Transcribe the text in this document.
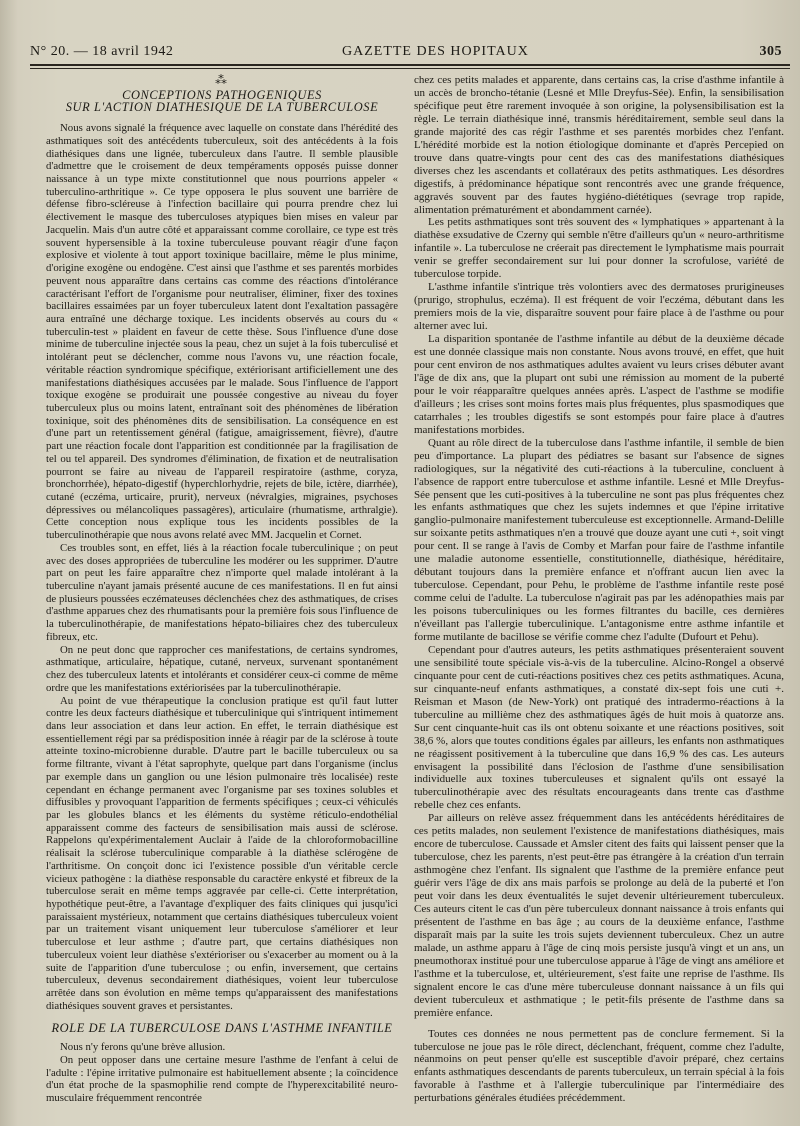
N° 20. — 18 avril 1942	GAZETTE DES HOPITAUX	305
⁂
CONCEPTIONS PATHOGENIQUES
SUR L'ACTION DIATHESIQUE DE LA TUBERCULOSE

Nous avons signalé la fréquence avec laquelle on constate dans l'hérédité des asthmatiques soit des antécédents tuberculeux, soit des antécédents à la fois diathésiques dans une lignée, tuberculeux dans l'autre. Il semble plausible d'admettre que le croisement de deux tempéraments opposés puisse donner naissance à un type mixte constitutionnel que nous pourrions appeler « tuberculino-arthritique ». Ce type opposera le plus souvent une barrière de défense fibro-scléreuse à l'infection bacillaire qui pourra prendre chez lui électivement le masque des tuberculoses atypiques bien mises en valeur par Jacquelin. Mais d'un autre côté et apparaissant comme corollaire, ce type est très souvent hypersensible à la toxine tuberculeuse pouvant réagir d'une façon explosive et violente à tout apport toxinique bacillaire, même le plus minime, d'origine exogène ou endogène. C'est ainsi que l'asthme et ses parentés morbides peuvent nous apparaître dans certains cas comme des réactions d'intolérance caractérisant l'effort de l'organisme pour neutraliser, éliminer, fixer des toxines bacillaires essaimées par un foyer tuberculeux latent dont l'exaltation passagère aura entraîné une décharge toxique. Les incidents observés au cours du « tuberculin-test » plaident en faveur de cette thèse. Sous l'influence d'une dose minime de tuberculine injectée sous la peau, chez un sujet à la fois tuberculisé et intolérant peut se déclencher, comme nous l'avons vu, une réaction focale, véritable réaction syndromique spécifique, extériorisant artificiellement une des manifestations diathésiques accusées par le malade. Sous l'influence de l'apport toxique exogène se produirait une poussée congestive au niveau du foyer tuberculeux plus ou moins latent, entraînant soit des phénomènes de libération toxinique, soit des phénomènes dits de sensibilisation. La conséquence en est d'une part un retentissement général (fatigue, amaigrissement, fièvre), d'autre part une réaction focale dont l'apparition est conditionnée par la fragilisation de tel ou tel appareil. Des syndromes d'élimination, de fixation et de neutralisation pourront se faire au niveau de l'appareil respiratoire (asthme, coryza, bronchorrhée), hépato-digestif (hyperchlorhydrie, rejets de bile, ictère, diarrhée), cutané (eczéma, urticaire, prurit), nerveux (névralgies, migraines, psychoses dépressives ou mélancoliques passagères), articulaire (rhumatisme, arthralgie). Cette conception nous explique tous les incidents possibles de la tuberculinothérapie que nous avons relaté avec MM. Jacquelin et Cornet.

Ces troubles sont, en effet, liés à la réaction focale tuberculinique ; on peut avec des doses appropriées de tuberculine les modérer ou les supprimer. D'autre part on peut les faire apparaître chez n'importe quel malade intolérant à la tuberculine n'ayant jamais présenté aucune de ces manifestations. Il en fut ainsi de plusieurs poussées eczémateuses déclenchées chez des asthmatiques, de crises d'asthme apparues chez des rhumatisants pour la première fois sous l'influence de la tuberculinothérapie, de manifestations hépato-biliaires chez des tuberculeux fibreux, etc.

On ne peut donc que rapprocher ces manifestations, de certains syndromes, asthmatique, articulaire, hépatique, cutané, nerveux, survenant spontanément chez des tuberculeux latents et intolérants et considérer ceux-ci comme de même ordre que les manifestations extériorisées par la tuberculinothérapie.

Au point de vue thérapeutique la conclusion pratique est qu'il faut lutter contre les deux facteurs diathésique et tuberculinique qui s'intriquent intimement dans leur association et dans leur action. En effet, le terrain diathésique est essentiellement régi par sa prédisposition innée à réagir par de la sclérose à toute atteinte toxino-microbienne durable. D'autre part le bacille tuberculeux ou sa forme filtrante, vivant à l'état saprophyte, quelque part dans l'organisme (inclus par exemple dans un ganglion ou une lésion pulmonaire très localisée) reste cependant en échange permanent avec l'organisme par ses toxines solubles et diffusibles y provoquant l'apparition de ferments spécifiques ; ceux-ci véhiculés par les globules blancs et les éléments du système réticulo-endothélial apparaissent comme des facteurs de sensibilisation mais aussi de sclérose. Rappelons qu'expérimentalement Auclair à l'aide de la chloroformobacilline réalisait la sclérose tuberculinique comparable à la diathèse sclérogène de l'arthritisme. On conçoit donc ici l'existence possible d'un véritable cercle vicieux pathogène : la diathèse responsable du caractère enkysté et fibreux de la tuberculose serait en même temps aggravée par celle-ci. Cette interprétation, hypothétique peut-être, a l'avantage d'expliquer des faits cliniques qui jusqu'ici paraissaient mystérieux, notamment que certains diathésiques tuberculeux voient par un traitement visant uniquement leur tuberculose s'améliorer et leur tuberculose et leur asthme ; d'autre part, que certains diathésiques non tuberculeux voient leur diathèse s'extérioriser ou s'exacerber au moment ou à la suite de l'apparition d'une tuberculose ; ou enfin, inversement, que certains tuberculeux, devenus secondairement diathésiques, voient leur tuberculose arrêtée dans son évolution en même temps qu'apparaissent des manifestations diathésiques souvent graves et persistantes.

ROLE DE LA TUBERCULOSE DANS L'ASTHME INFANTILE

Nous n'y ferons qu'une brève allusion.

On peut opposer dans une certaine mesure l'asthme de l'enfant à celui de l'adulte : l'épine irritative pulmonaire est habituellement absente ; la coïncidence d'un état proche de la spasmophilie rend compte de l'hyperexcitabilité neuro-musculaire fréquemment rencontrée

chez ces petits malades et apparente, dans certains cas, la crise d'asthme infantile à un accès de broncho-tétanie (Lesné et Mlle Dreyfus-Sée). Enfin, la sensibilisation spécifique peut être rarement invoquée à son origine, la polysensibilisation est la règle. Le terrain diathésique inné, transmis héréditairement, semble seul dans la grande majorité des cas régir l'asthme et ses parentés morbides chez l'enfant. L'hérédité morbide est la notion étiologique dominante et d'après Percepied on trouve dans quatre-vingts pour cent des cas des manifestations diathésiques diverses chez les ascendants et collatéraux des petits asthmatiques. Les désordres digestifs, à prédominance hépatique sont rencontrés avec une grande fréquence, aggravés souvent par des fautes hygiéno-diététiques (sevrage trop rapide, alimentation prématurément et abondamment carnée).

Les petits asthmatiques sont très souvent des « lymphatiques » appartenant à la diathèse exsudative de Czerny qui semble n'être d'ailleurs qu'un « neuro-arthritisme infantile ». La tuberculose ne créerait pas directement le lymphatisme mais pourrait venir se greffer secondairement sur lui pour donner la scrofulose, variété de tuberculose torpide.

L'asthme infantile s'intrique très volontiers avec des dermatoses prurigineuses (prurigo, strophulus, eczéma). Il est fréquent de voir l'eczéma, débutant dans les premiers mois de la vie, disparaître souvent pour faire place à de l'asthme ou pour alterner avec lui.

La disparition spontanée de l'asthme infantile au début de la deuxième décade est une donnée classique mais non constante. Nous avons trouvé, en effet, que huit pour cent environ de nos asthmatiques adultes avaient vu leurs crises débuter avant l'âge de dix ans, que la plupart ont subi une rémission au moment de la puberté pour le voir réapparaître quelques années après. L'aspect de l'asthme se modifie d'ailleurs ; les crises sont moins fortes mais plus fréquentes, plus spasmodiques que catarrhales ; les troubles digestifs se sont estompés pour faire place à d'autres manifestations morbides.

Quant au rôle direct de la tuberculose dans l'asthme infantile, il semble de bien peu d'importance. La plupart des pédiatres se basant sur l'absence de signes radiologiques, sur la négativité des cuti-réactions à la tuberculine, concluent à l'absence de rapport entre tuberculose et asthme infantile. Lesné et Mlle Dreyfus-Sée pensent que les cuti-positives à la tuberculine ne sont pas plus fréquentes chez les enfants asthmatiques que chez les sujets indemnes et que l'épine irritative ganglio-pulmonaire manifestement tuberculeuse est exceptionnelle. Armand-Delille sur soixante petits asthmatiques n'en a trouvé que douze ayant une cuti +, soit vingt pour cent. Il se range à l'avis de Comby et Marfan pour faire de l'asthme infantile une maladie autonome essentielle, constitutionnelle, diathésique, héréditaire, débutant toujours dans la première enfance et n'offrant aucun lien avec la tuberculose. Cependant, pour Pehu, le problème de l'asthme infantile reste posé comme celui de l'adulte. La tuberculose n'agirait pas par les adénopathies mais par les poisons tuberculiniques ou les formes filtrantes du bacille, ces dernières n'éveillant pas l'allergie tuberculinique. L'antagonisme entre asthme infantile et forme mutilante de bacillose se vérifie comme chez l'adulte (Dufourt et Pehu).

Cependant pour d'autres auteurs, les petits asthmatiques présenteraient souvent une sensibilité toute spéciale vis-à-vis de la tuberculine. Alcino-Rongel a observé cinquante pour cent de cuti-réactions positives chez ces petits asthmatiques. Acuna, sur cinquante-neuf enfants asthmatiques, a constaté dix-sept fois une cuti +. Reisman et Mason (de New-York) ont pratiqué des intradermo-réactions à la tuberculine au millième chez des asthmatiques âgés de huit mois à quatorze ans. Sur cent cinquante-huit cas ils ont obtenu soixante et une réactions positives, soit 38,6 %, alors que toutes conditions égales par ailleurs, les enfants non asthmatiques ne réagissent positivement à la tuberculine que dans 16,9 % des cas. Les auteurs envisagent la possibilité dans l'éclosion de l'asthme d'une sensibilisation individuelle aux toxines tuberculeuses et signalent qu'ils ont essayé la tuberculinothérapie avec des résultats encourageants dans trente cas d'asthme rebelle chez ces enfants.

Par ailleurs on relève assez fréquemment dans les antécédents héréditaires de ces petits malades, non seulement l'existence de manifestations diathésiques, mais encore de tuberculose. Caussade et Amsler citent des faits qui laissent penser que la tuberculose, chez les parents, n'est peut-être pas étrangère à la création d'un terrain asthmogène chez l'enfant. Ils signalent que l'asthme de la première enfance peut guérir vers l'âge de dix ans mais parfois se prolonge au delà de la puberté et l'on peut voir dans les deux éventualités le sujet devenir ultérieurement tuberculeux. Ces auteurs citent le cas d'un père tuberculeux donnant naissance à trois enfants qui présentent de l'asthme en bas âge ; au cours de la deuxième enfance, l'asthme disparaît mais par la suite les trois sujets deviennent tuberculeux. Chez un autre malade, un asthme apparu à l'âge de cinq mois persiste jusqu'à vingt et un ans, un pneumothorax institué pour une tuberculose apparue à l'âge de vingt ans améliore et l'asthme et la tuberculose, et, ultérieurement, s'est faite une reprise de l'asthme. Ils signalent encore le cas d'une mère tuberculeuse donnant naissance à un fils qui devient tuberculeux et asthmatique ; le petit-fils présente de l'asthme dans sa première enfance.

Toutes ces données ne nous permettent pas de conclure fermement. Si la tuberculose ne joue pas le rôle direct, déclenchant, fréquent, comme chez l'adulte, néanmoins on peut penser qu'elle est susceptible d'avoir préparé, chez certains enfants asthmatiques descendants de parents tuberculeux, un terrain spécial à la fois favorable à l'asthme et à l'allergie tuberculinique par l'intermédiaire des perturbations générales étudiées précédemment.
